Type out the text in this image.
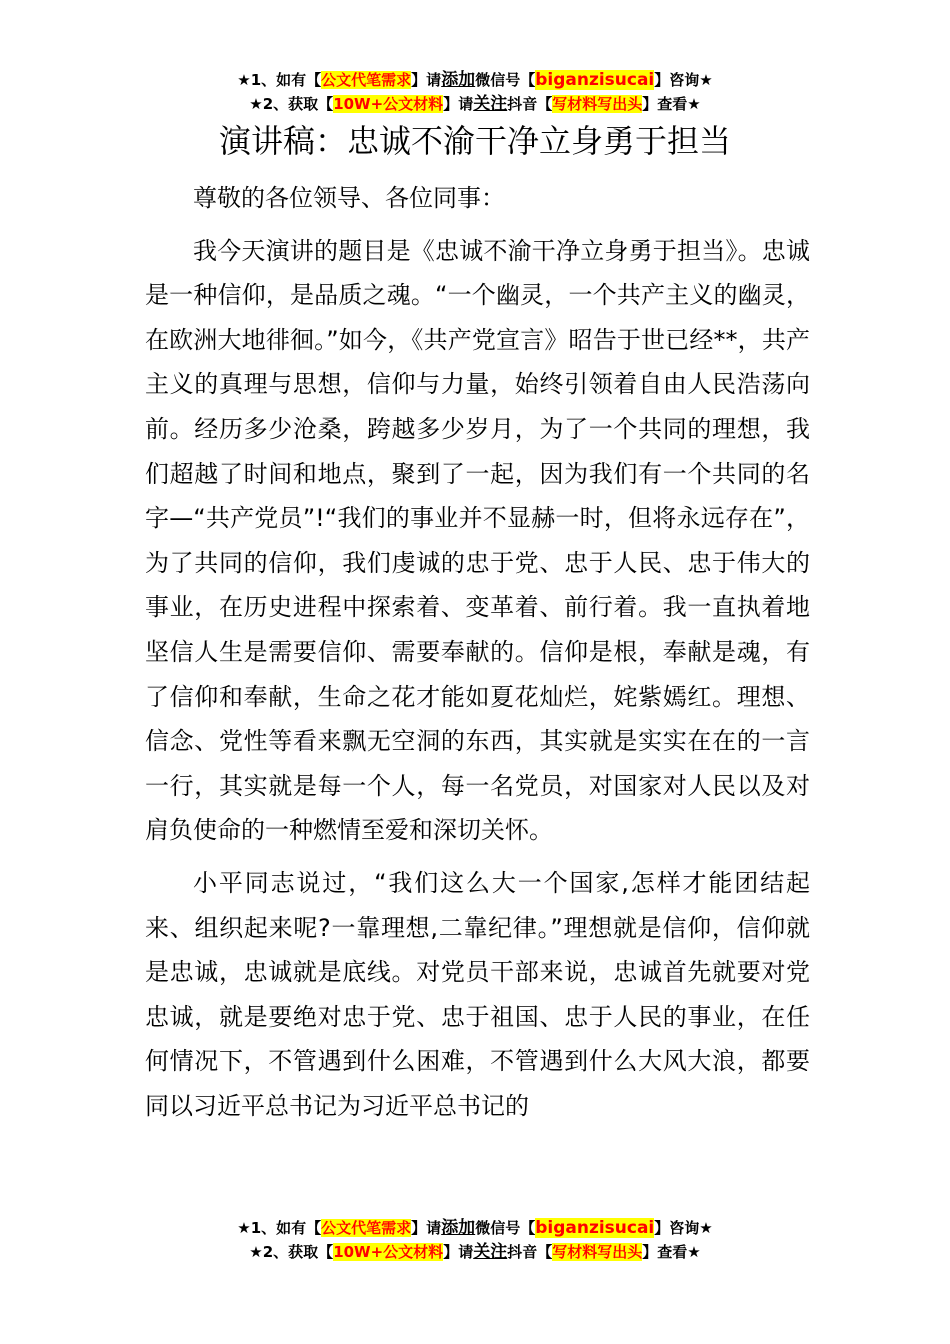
★1、如有【公文代笔需求】请添加微信号【biganzisucai】咨询★
★2、获取【10W+公文材料】请关注抖音【写材料写出头】查看★
演讲稿：忠诚不渝干净立身勇于担当

尊敬的各位领导、各位同事：

我今天演讲的题目是《忠诚不渝干净立身勇于担当》。忠诚是一种信仰，是品质之魂。“一个幽灵，一个共产主义的幽灵，在欧洲大地徘徊。”如今，《共产党宣言》昭告于世已经**，共产主义的真理与思想，信仰与力量，始终引领着自由人民浩荡向前。经历多少沧桑，跨越多少岁月，为了一个共同的理想，我们超越了时间和地点，聚到了一起，因为我们有一个共同的名字—“共产党员”!“我们的事业并不显赫一时，但将永远存在”，为了共同的信仰，我们虔诚的忠于党、忠于人民、忠于伟大的事业，在历史进程中探索着、变革着、前行着。我一直执着地坚信人生是需要信仰、需要奉献的。信仰是根，奉献是魂，有了信仰和奉献，生命之花才能如夏花灿烂，姹紫嫣红。理想、信念、党性等看来飘无空洞的东西，其实就是实实在在的一言一行，其实就是每一个人，每一名党员，对国家对人民以及对肩负使命的一种燃情至爱和深切关怀。

小平同志说过，“我们这么大一个国家,怎样才能团结起来、组织起来呢?一靠理想,二靠纪律。”理想就是信仰，信仰就是忠诚，忠诚就是底线。对党员干部来说，忠诚首先就要对党忠诚，就是要绝对忠于党、忠于祖国、忠于人民的事业，在任何情况下，不管遇到什么困难，不管遇到什么大风大浪，都要同以习近平总书记为习近平总书记的

★1、如有【公文代笔需求】请添加微信号【biganzisucai】咨询★
★2、获取【10W+公文材料】请关注抖音【写材料写出头】查看★
